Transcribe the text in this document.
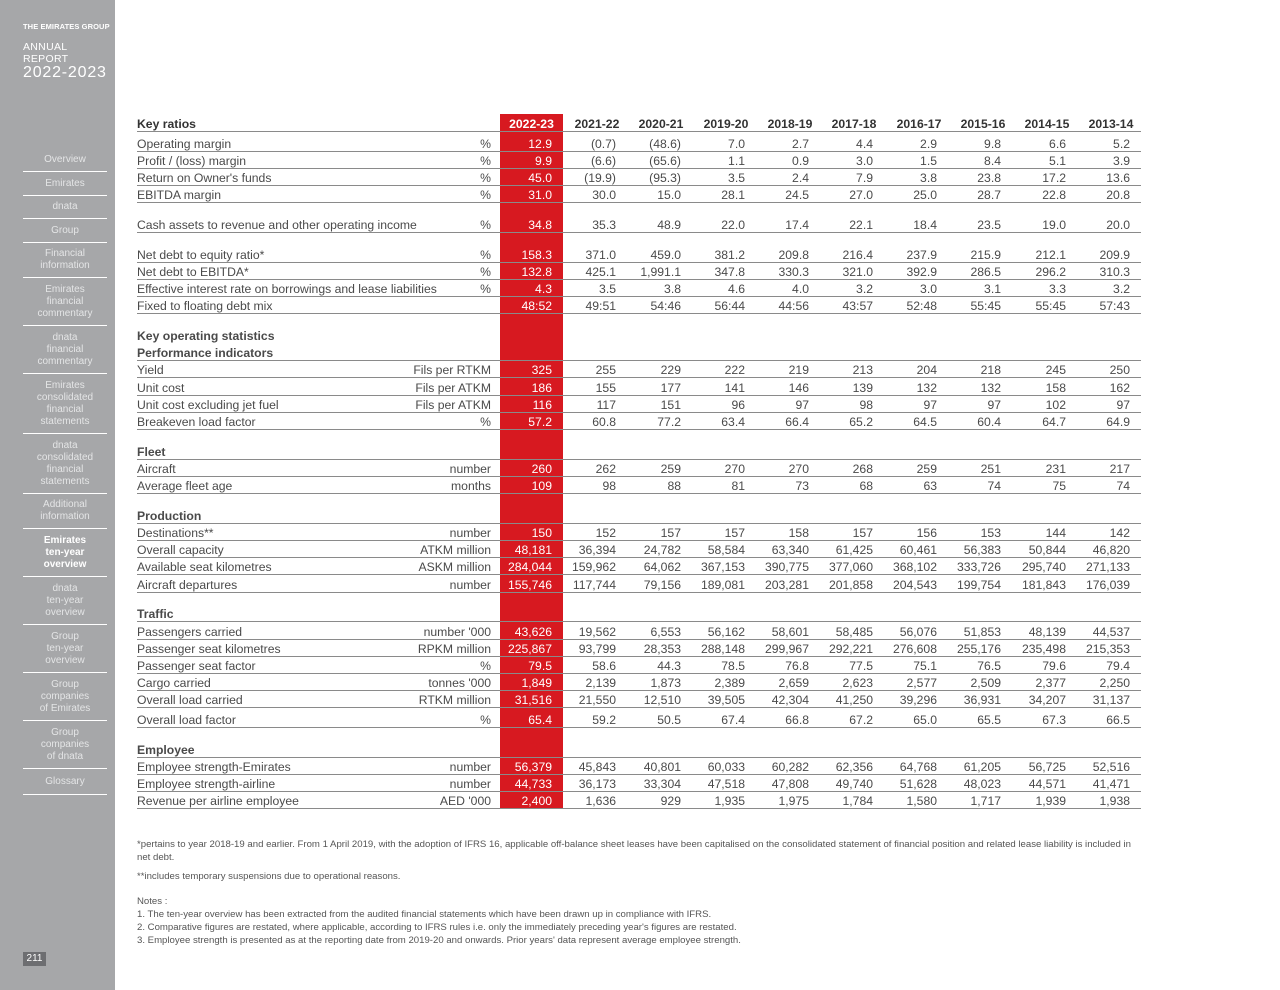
THE EMIRATES GROUP
ANNUAL REPORT
2022-2023
Overview
Emirates
dnata
Group
Financial
information
Emirates
financial
commentary
dnata
financial
commentary
Emirates
consolidated
financial
statements
dnata
consolidated
financial
statements
Additional
information
Emirates
ten-year
overview
dnata
ten-year
overview
Group
ten-year
overview
Group
companies
of Emirates
Group
companies
of dnata
Glossary
211
Key ratios	2022-23	2021-22	2020-21	2019-20	2018-19	2017-18	2016-17	2015-16	2014-15	2013-14
Operating margin	%	12.9	(0.7)	(48.6)	7.0	2.7	4.4	2.9	9.8	6.6	5.2
Profit / (loss) margin	%	9.9	(6.6)	(65.6)	1.1	0.9	3.0	1.5	8.4	5.1	3.9
Return on Owner's funds	%	45.0	(19.9)	(95.3)	3.5	2.4	7.9	3.8	23.8	17.2	13.6
EBITDA margin	%	31.0	30.0	15.0	28.1	24.5	27.0	25.0	28.7	22.8	20.8
Cash assets to revenue and other operating income	%	34.8	35.3	48.9	22.0	17.4	22.1	18.4	23.5	19.0	20.0
Net debt to equity ratio*	%	158.3	371.0	459.0	381.2	209.8	216.4	237.9	215.9	212.1	209.9
Net debt to EBITDA*	%	132.8	425.1	1,991.1	347.8	330.3	321.0	392.9	286.5	296.2	310.3
Effective interest rate on borrowings and lease liabilities	%	4.3	3.5	3.8	4.6	4.0	3.2	3.0	3.1	3.3	3.2
Fixed to floating debt mix	48:52	49:51	54:46	56:44	44:56	43:57	52:48	55:45	55:45	57:43
Key operating statistics
Performance indicators
Yield	Fils per RTKM	325	255	229	222	219	213	204	218	245	250
Unit cost	Fils per ATKM	186	155	177	141	146	139	132	132	158	162
Unit cost excluding jet fuel	Fils per ATKM	116	117	151	96	97	98	97	97	102	97
Breakeven load factor	%	57.2	60.8	77.2	63.4	66.4	65.2	64.5	60.4	64.7	64.9
Fleet
Aircraft	number	260	262	259	270	270	268	259	251	231	217
Average fleet age	months	109	98	88	81	73	68	63	74	75	74
Production
Destinations**	number	150	152	157	157	158	157	156	153	144	142
Overall capacity	ATKM million	48,181	36,394	24,782	58,584	63,340	61,425	60,461	56,383	50,844	46,820
Available seat kilometres	ASKM million	284,044	159,962	64,062	367,153	390,775	377,060	368,102	333,726	295,740	271,133
Aircraft departures	number	155,746	117,744	79,156	189,081	203,281	201,858	204,543	199,754	181,843	176,039
Traffic
Passengers carried	number '000	43,626	19,562	6,553	56,162	58,601	58,485	56,076	51,853	48,139	44,537
Passenger seat kilometres	RPKM million	225,867	93,799	28,353	288,148	299,967	292,221	276,608	255,176	235,498	215,353
Passenger seat factor	%	79.5	58.6	44.3	78.5	76.8	77.5	75.1	76.5	79.6	79.4
Cargo carried	tonnes '000	1,849	2,139	1,873	2,389	2,659	2,623	2,577	2,509	2,377	2,250
Overall load carried	RTKM million	31,516	21,550	12,510	39,505	42,304	41,250	39,296	36,931	34,207	31,137
Overall load factor	%	65.4	59.2	50.5	67.4	66.8	67.2	65.0	65.5	67.3	66.5
Employee
Employee strength-Emirates	number	56,379	45,843	40,801	60,033	60,282	62,356	64,768	61,205	56,725	52,516
Employee strength-airline	number	44,733	36,173	33,304	47,518	47,808	49,740	51,628	48,023	44,571	41,471
Revenue per airline employee	AED '000	2,400	1,636	929	1,935	1,975	1,784	1,580	1,717	1,939	1,938

*pertains to year 2018-19 and earlier. From 1 April 2019, with the adoption of IFRS 16, applicable off-balance sheet leases have been capitalised on the consolidated statement of financial position and related lease liability is included in net debt.

**includes temporary suspensions due to operational reasons.

Notes :

1. The ten-year overview has been extracted from the audited financial statements which have been drawn up in compliance with IFRS.

2. Comparative figures are restated, where applicable, according to IFRS rules i.e. only the immediately preceding year's figures are restated.

3. Employee strength is presented as at the reporting date from 2019-20 and onwards. Prior years' data represent average employee strength.
